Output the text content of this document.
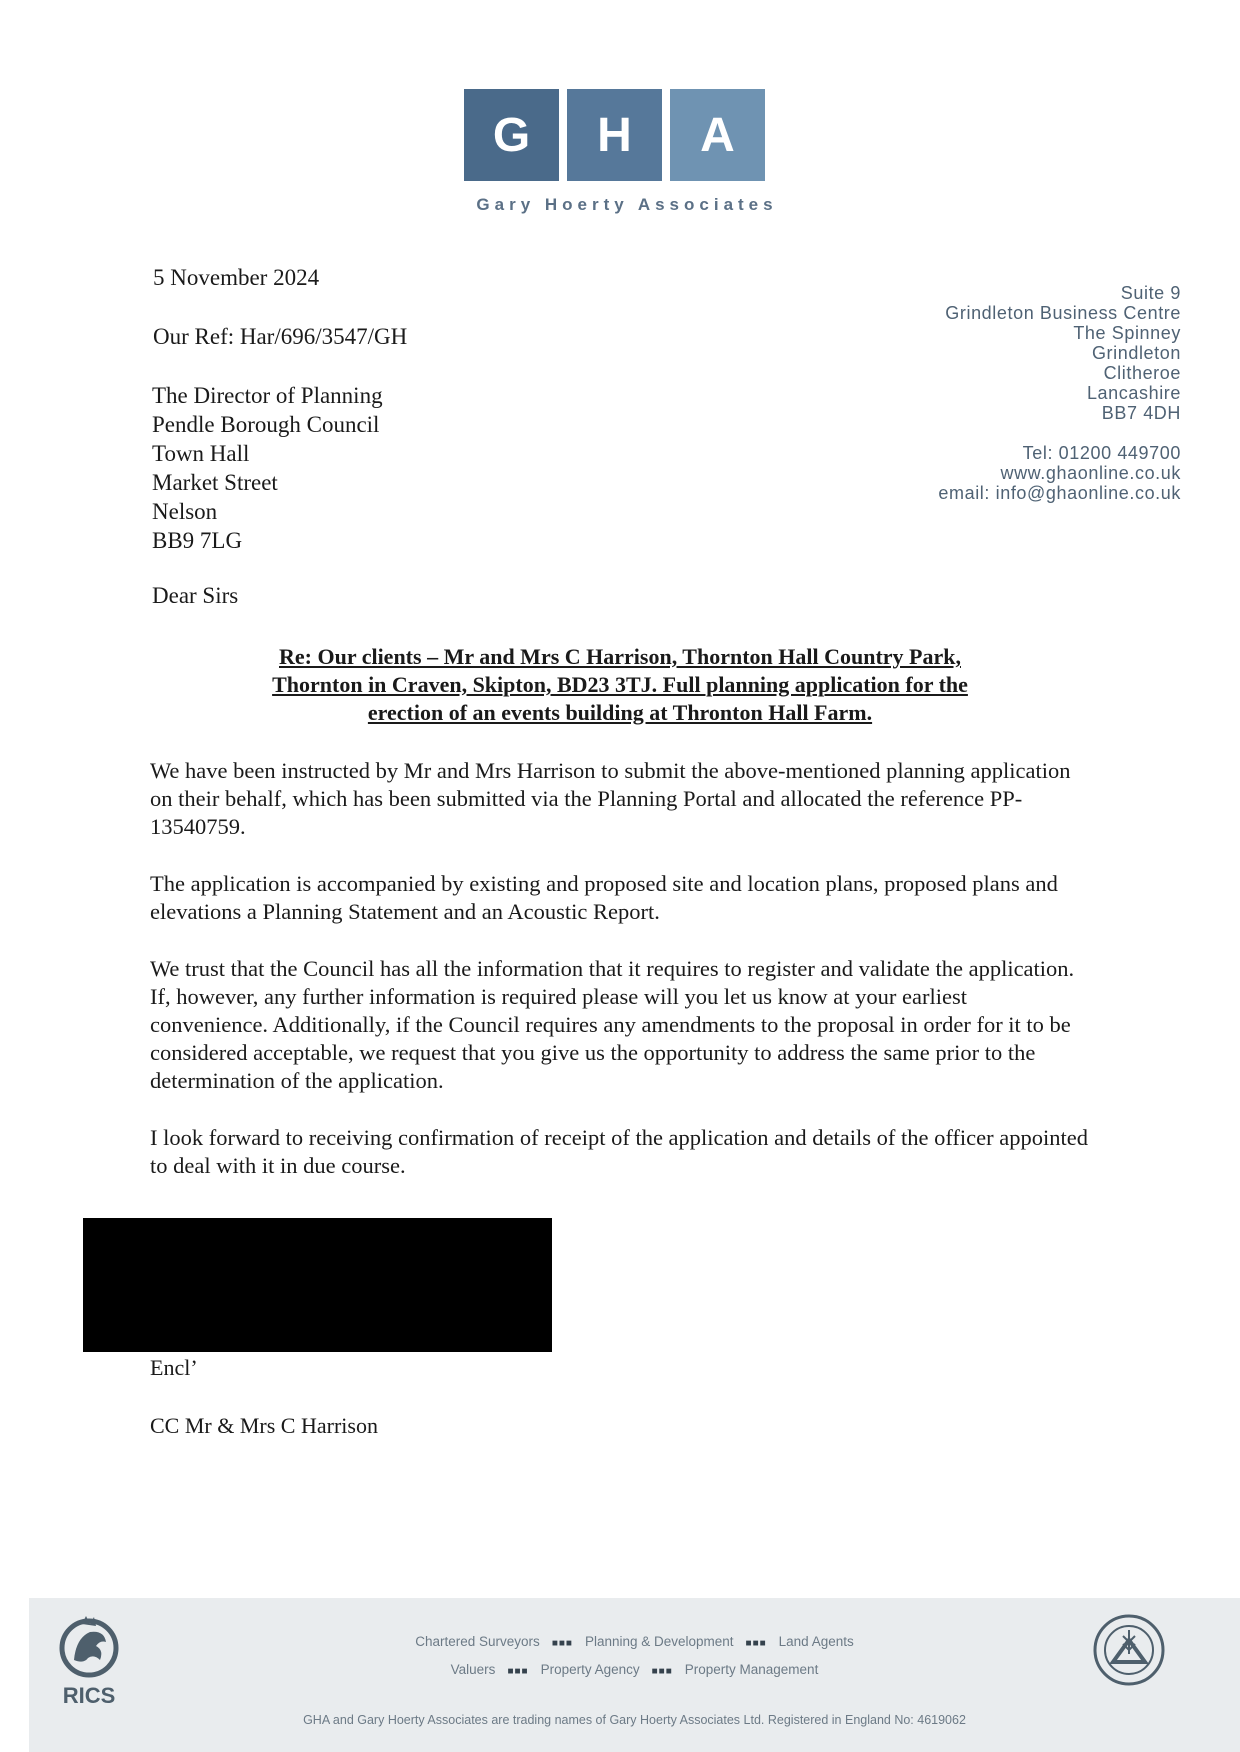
G	H	A
Gary Hoerty Associates
5 November 2024
Our Ref: Har/696/3547/GH
The Director of Planning
Pendle Borough Council
Town Hall
Market Street
Nelson
BB9 7LG
Suite 9
Grindleton Business Centre
The Spinney
Grindleton
Clitheroe
Lancashire
BB7 4DH
Tel: 01200 449700
www.ghaonline.co.uk
email: info@ghaonline.co.uk
Dear Sirs
Re: Our clients – Mr and Mrs C Harrison, Thornton Hall Country Park,
Thornton in Craven, Skipton, BD23 3TJ. Full planning application for the
erection of an events building at Thronton Hall Farm.

We have been instructed by Mr and Mrs Harrison to submit the above-mentioned planning application on their behalf, which has been submitted via the Planning Portal and allocated the reference PP-13540759.

The application is accompanied by existing and proposed site and location plans, proposed plans and elevations a Planning Statement and an Acoustic Report.

We trust that the Council has all the information that it requires to register and validate the application. If, however, any further information is required please will you let us know at your earliest convenience. Additionally, if the Council requires any amendments to the proposal in order for it to be considered acceptable, we request that you give us the opportunity to address the same prior to the determination of the application.

I look forward to receiving confirmation of receipt of the application and details of the officer appointed to deal with it in due course.

Encl’
CC Mr & Mrs C Harrison
RICS
Chartered Surveyors ■■■ Planning & Development ■■■ Land Agents
Valuers ■■■ Property Agency ■■■ Property Management
GHA and Gary Hoerty Associates are trading names of Gary Hoerty Associates Ltd. Registered in England No: 4619062
